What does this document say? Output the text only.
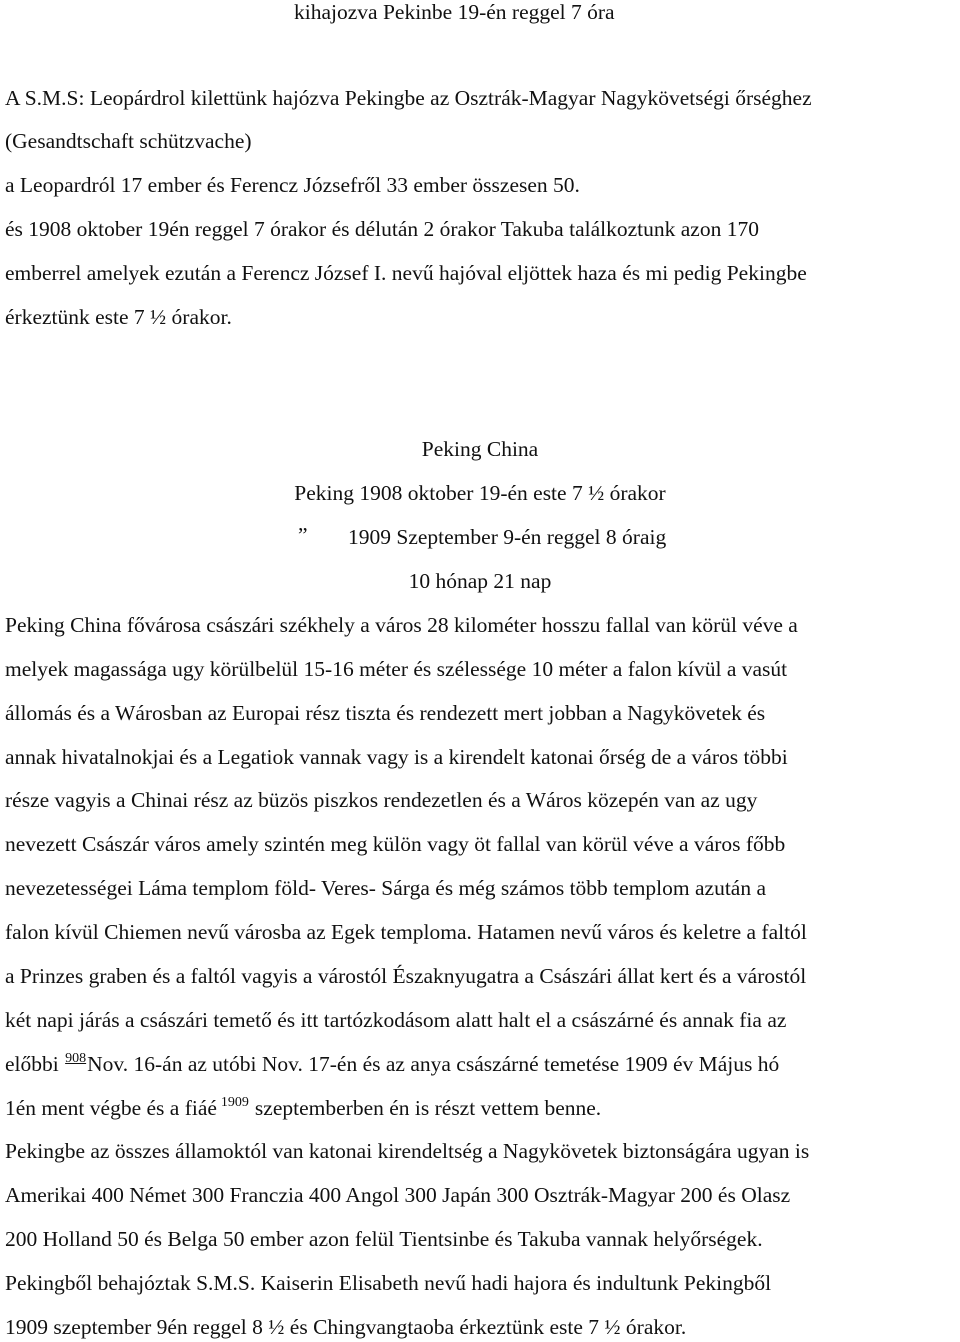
kihajozva Pekinbe 19-én reggel 7 óra
A S.M.S: Leopárdrol kilettünk hajózva Pekingbe az Osztrák-Magyar Nagykövetségi őrséghez
(Gesandtschaft schützvache)
a Leopardról 17 ember és Ferencz Józsefről 33 ember összesen 50.
és 1908 oktober 19én reggel 7 órakor és délután 2 órakor Takuba találkoztunk azon 170
emberrel amelyek ezután a Ferencz József I. nevű hajóval eljöttek haza és mi pedig Pekingbe
érkeztünk este 7 ½ órakor.
Peking China
Peking 1908 oktober 19-én este 7 ½ órakor
” 1909 Szeptember 9-én reggel 8 óraig
10 hónap 21 nap
Peking China fővárosa császári székhely a város 28 kilométer hosszu fallal van körül véve a
melyek magassága ugy körülbelül 15-16 méter és szélessége 10 méter a falon kívül a vasút
állomás és a Wárosban az Europai rész tiszta és rendezett mert jobban a Nagykövetek és
annak hivatalnokjai és a Legatiok vannak vagy is a kirendelt katonai őrség de a város többi
része vagyis a Chinai rész az büzös piszkos rendezetlen és a Wáros közepén van az ugy
nevezett Császár város amely szintén meg külön vagy öt fallal van körül véve a város főbb
nevezetességei Láma templom föld- Veres- Sárga és még számos több templom azután a
falon kívül Chiemen nevű városba az Egek temploma. Hatamen nevű város és keletre a faltól
a Prinzes graben és a faltól vagyis a várostól Északnyugatra a Császári állat kert és a várostól
két napi járás a császári temető és itt tartózkodásom alatt halt el a császárné és annak fia az
előbbi 908Nov. 16-án az utóbi Nov. 17-én és az anya császárné temetése 1909 év Május hó
1én ment végbe és a fiáé 1909 szeptemberben én is részt vettem benne.
Pekingbe az összes államoktól van katonai kirendeltség a Nagykövetek biztonságára ugyan is
Amerikai 400 Német 300 Franczia 400 Angol 300 Japán 300 Osztrák-Magyar 200 és Olasz
200 Holland 50 és Belga 50 ember azon felül Tientsinbe és Takuba vannak helyőrségek.
Pekingből behajóztak S.M.S. Kaiserin Elisabeth nevű hadi hajora és indultunk Pekingből
1909 szeptember 9én reggel 8 ½ és Chingvangtaoba érkeztünk este 7 ½ órakor.
